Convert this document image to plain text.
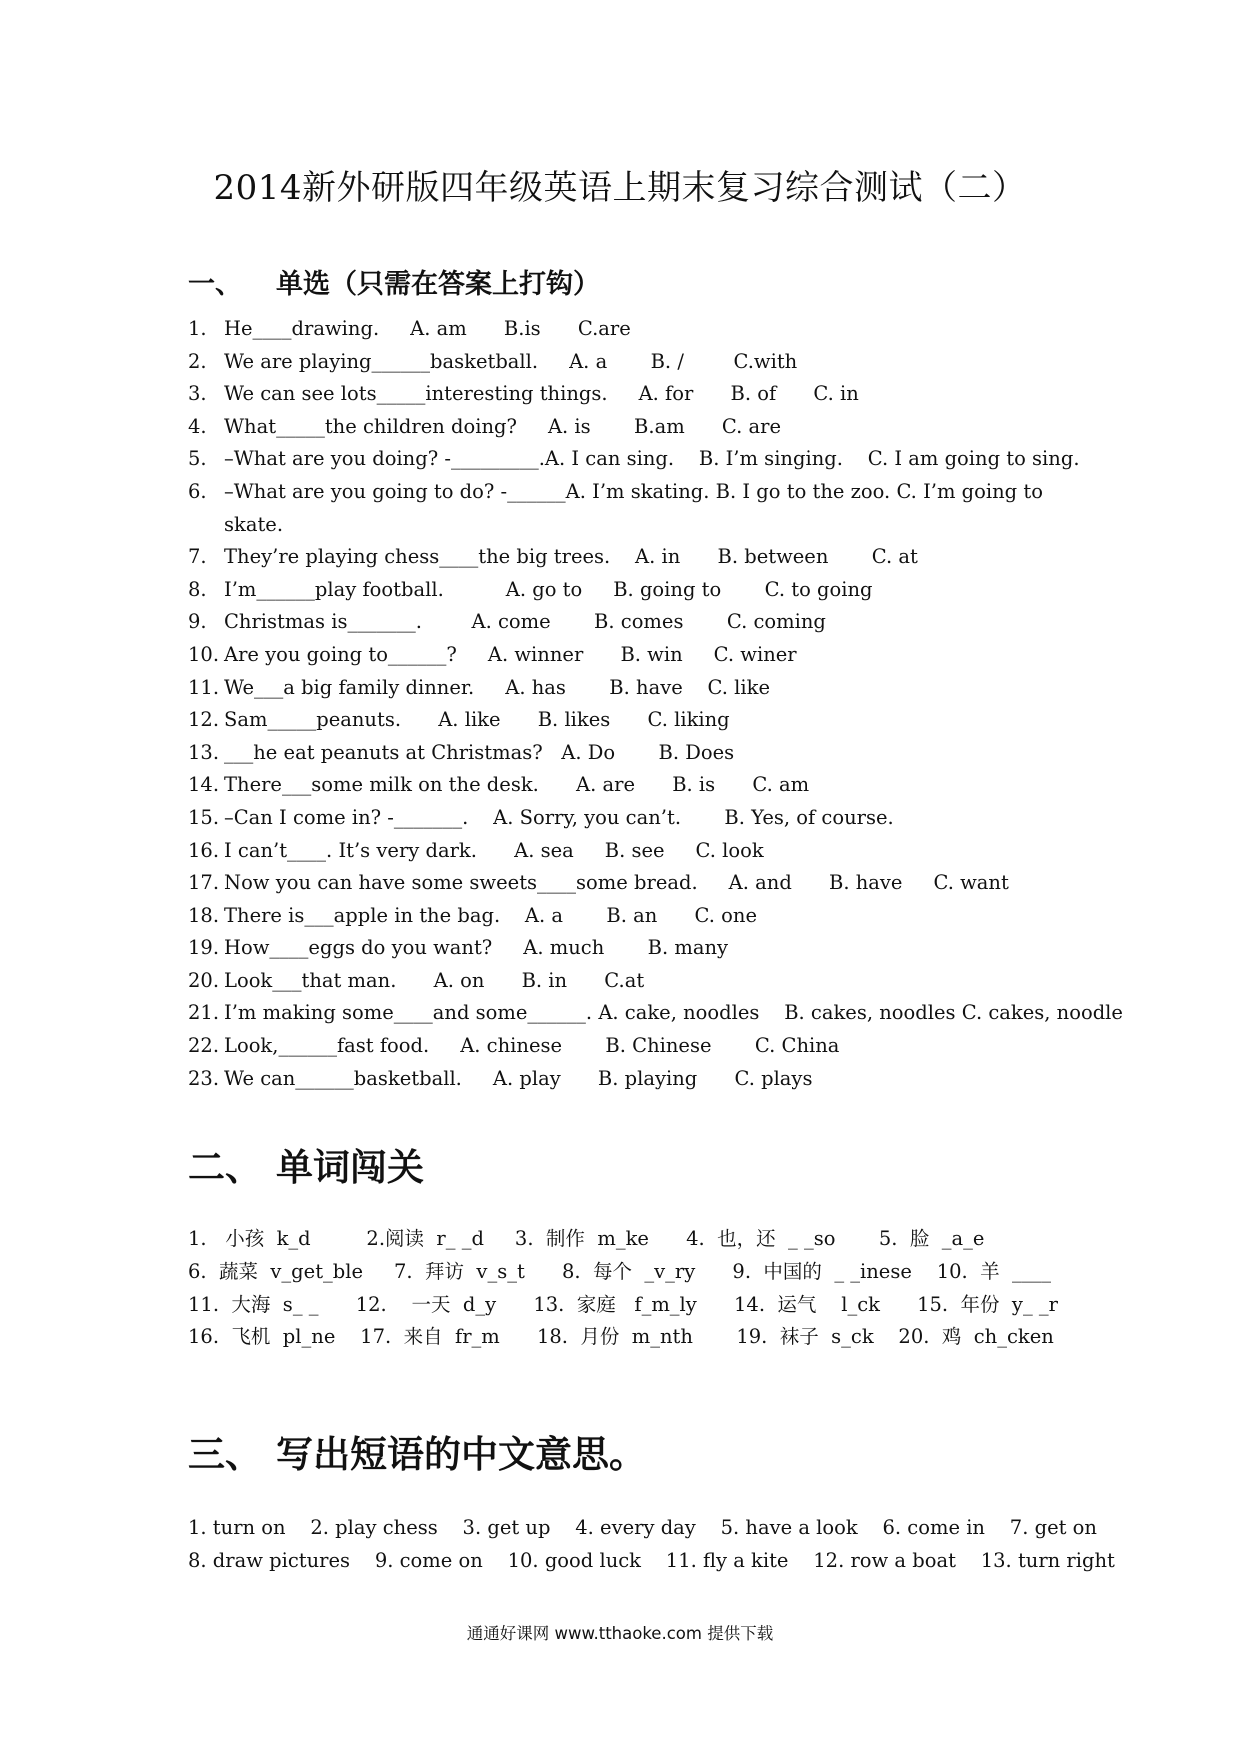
2014新外研版四年级英语上期末复习综合测试（二）
一、 单选（只需在答案上打钩）
1. He____drawing.     A. am      B.is      C.are
2. We are playing______basketball.     A. a       B. /        C.with
3. We can see lots_____interesting things.     A. for      B. of      C. in
4. What_____the children doing?     A. is       B.am      C. are
5. –What are you doing? -_________.A. I can sing.    B. I’m singing.    C. I am going to sing.
6. –What are you going to do? -______A. I’m skating. B. I go to the zoo. C. I’m going to skate.
7. They’re playing chess____the big trees.    A. in      B. between       C. at
8. I’m______play football.          A. go to     B. going to       C. to going
9. Christmas is_______.        A. come       B. comes       C. coming
10. Are you going to______?     A. winner      B. win     C. winer
11. We___a big family dinner.     A. has       B. have    C. like
12. Sam_____peanuts.      A. like      B. likes      C. liking
13. ___he eat peanuts at Christmas?   A. Do       B. Does
14. There___some milk on the desk.      A. are      B. is      C. am
15. –Can I come in? -_______.    A. Sorry, you can’t.       B. Yes, of course.
16. I can’t____. It’s very dark.      A. sea     B. see     C. look
17. Now you can have some sweets____some bread.     A. and      B. have     C. want
18. There is___apple in the bag.    A. a       B. an      C. one
19. How____eggs do you want?     A. much       B. many
20. Look___that man.      A. on      B. in      C.at
21. I’m making some____and some______. A. cake, noodles    B. cakes, noodles C. cakes, noodle
22. Look,______fast food.     A. chinese       B. Chinese       C. China
23. We can______basketball.     A. play      B. playing      C. plays
二、 单词闯关
1.   小孩  k_d         2.阅读  r_ _d     3.  制作  m_ke      4.  也，还  _ _so       5.  脸  _a_e
6.  蔬菜  v_get_ble     7.  拜访  v_s_t      8.  每个  _v_ry      9.  中国的  _ _inese    10.  羊  ____
11.  大海  s_ _      12.    一天  d_y      13.  家庭   f_m_ly      14.  运气    l_ck      15.  年份  y_ _r
16.  飞机  pl_ne    17.  来自  fr_m      18.  月份  m_nth       19.  袜子  s_ck    20.  鸡  ch_cken
三、 写出短语的中文意思。
1. turn on    2. play chess    3. get up    4. every day    5. have a look    6. come in    7. get on
8. draw pictures    9. come on    10. good luck    11. fly a kite    12. row a boat    13. turn right
通通好课网 www.tthaoke.com 提供下载
